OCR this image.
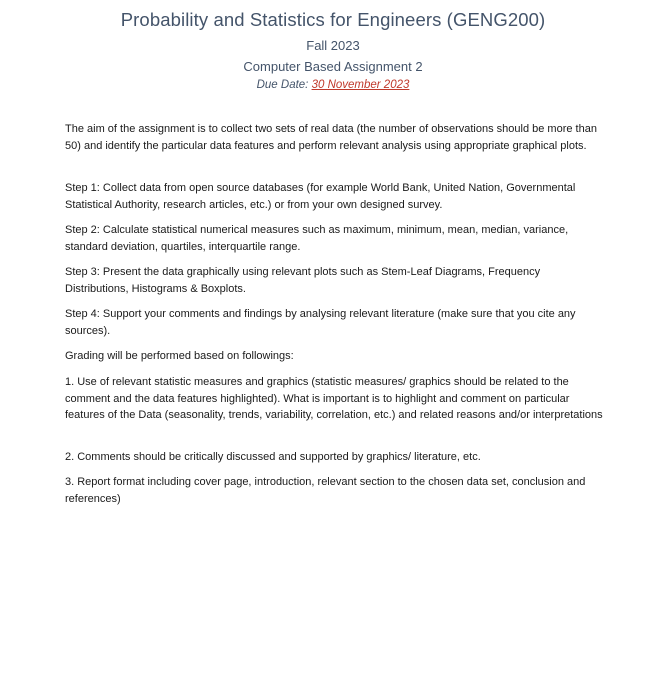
Probability and Statistics for Engineers (GENG200)
Fall 2023
Computer Based Assignment 2
Due Date: 30 November 2023
The aim of the assignment is to collect two sets of real data (the number of observations should be more than 50) and identify the particular data features and perform relevant analysis using appropriate graphical plots.
Step 1: Collect data from open source databases (for example World Bank, United Nation, Governmental Statistical Authority, research articles, etc.) or from your own designed survey.
Step 2: Calculate statistical numerical measures such as maximum, minimum, mean, median, variance, standard deviation, quartiles, interquartile range.
Step 3: Present the data graphically using relevant plots such as Stem-Leaf Diagrams, Frequency Distributions, Histograms & Boxplots.
Step 4: Support your comments and findings by analysing relevant literature (make sure that you cite any sources).
Grading will be performed based on followings:
1. Use of relevant statistic measures and graphics (statistic measures/ graphics should be related to the comment and the data features highlighted). What is important is to highlight and comment on particular features of the Data (seasonality, trends, variability, correlation, etc.) and related reasons and/or interpretations
2. Comments should be critically discussed and supported by graphics/ literature, etc.
3. Report format including cover page, introduction, relevant section to the chosen data set, conclusion and references)
